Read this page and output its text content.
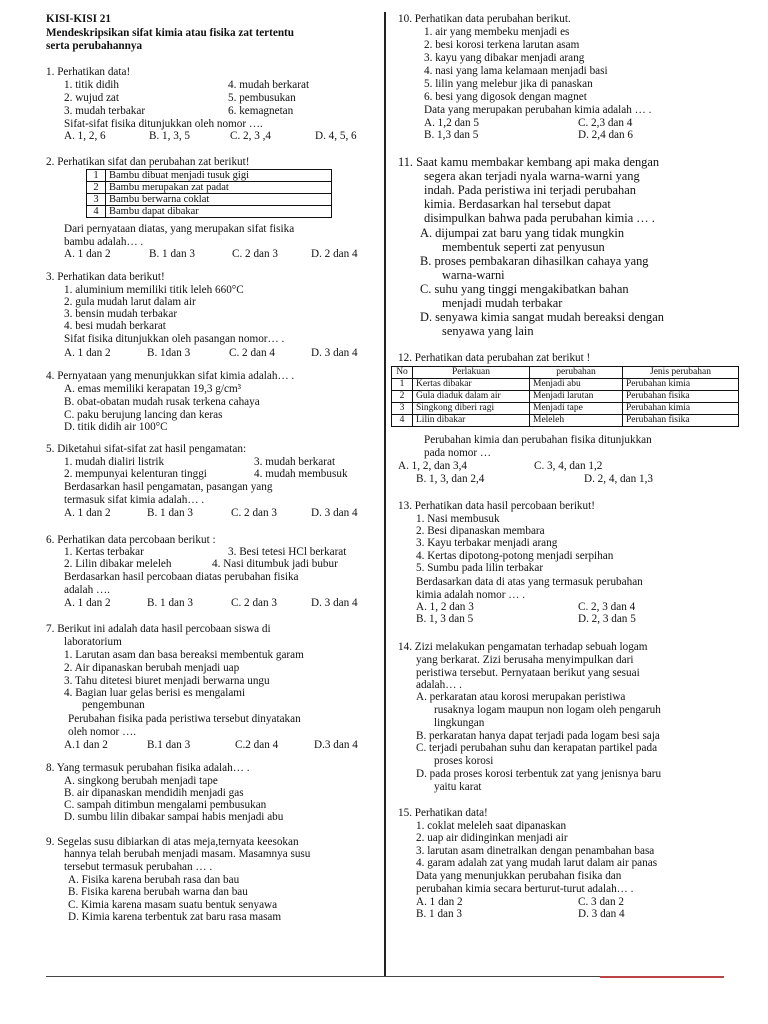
KISI-KISI 21
Mendeskripsikan sifat kimia atau fisika zat tertentu
serta perubahannya
1. Perhatikan data!
1. titik didih
2. wujud zat
3. mudah terbakar
4. mudah berkarat
5. pembusukan
6. kemagnetan
Sifat-sifat fisika ditunjukkan oleh nomor ….
A. 1, 2, 6	B. 1, 3, 5	C. 2, 3 ,4	D. 4, 5, 6
2. Perhatikan sifat dan perubahan zat berikut!
1	Bambu dibuat menjadi tusuk gigi
2	Bambu merupakan zat padat
3	Bambu berwarna coklat
4	Bambu dapat dibakar
Dari pernyataan diatas, yang merupakan sifat fisika
bambu adalah… .
A. 1 dan 2	B. 1 dan 3	C. 2 dan 3	D. 2 dan 4
3. Perhatikan data berikut!
1. aluminium memiliki titik leleh 660°C
2. gula mudah larut dalam air
3. bensin mudah terbakar
4. besi mudah berkarat
Sifat fisika ditunjukkan oleh pasangan nomor… .
A. 1 dan 2	B. 1dan 3	C. 2 dan 4	D. 3 dan 4
4. Pernyataan yang menunjukkan sifat kimia adalah… .
A. emas memiliki kerapatan 19,3 g/cm³
B. obat-obatan mudah rusak terkena cahaya
C. paku berujung lancing dan keras
D. titik didih air 100°C
5. Diketahui sifat-sifat zat hasil pengamatan:
1. mudah dialiri listrik
2. mempunyai kelenturan tinggi
3. mudah berkarat
4. mudah membusuk
Berdasarkan hasil pengamatan, pasangan yang
termasuk sifat kimia adalah… .
A. 1 dan 2	B. 1 dan 3	C. 2 dan 3	D. 3 dan 4
6. Perhatikan data percobaan berikut :
1. Kertas terbakar
2. Lilin dibakar meleleh
3. Besi tetesi HCl berkarat
4. Nasi ditumbuk jadi bubur
Berdasarkan hasil percobaan diatas perubahan fisika
adalah ….
A. 1 dan 2	B. 1 dan 3	C. 2 dan 3	D. 3 dan 4
7. Berikut ini adalah data hasil percobaan siswa di
laboratorium
1. Larutan asam dan basa bereaksi membentuk garam
2. Air dipanaskan berubah menjadi uap
3. Tahu ditetesi biuret menjadi berwarna ungu
4. Bagian luar gelas berisi es mengalami
pengembunan
Perubahan fisika pada peristiwa tersebut dinyatakan
oleh nomor ….
A.1 dan 2	B.1 dan 3	C.2 dan 4	D.3 dan 4
8. Yang termasuk perubahan fisika adalah… .
A. singkong berubah menjadi tape
B. air dipanaskan mendidih menjadi gas
C. sampah ditimbun mengalami pembusukan
D. sumbu lilin dibakar sampai habis menjadi abu
9. Segelas susu dibiarkan di atas meja,ternyata keesokan
hannya telah berubah menjadi masam. Masamnya susu
tersebut termasuk perubahan … .
A. Fisika karena berubah rasa dan bau
B. Fisika karena berubah warna dan bau
C. Kimia karena masam suatu bentuk senyawa
D. Kimia karena terbentuk zat baru rasa masam
10. Perhatikan data perubahan berikut.
1. air yang membeku menjadi es
2. besi korosi terkena larutan asam
3. kayu yang dibakar menjadi arang
4. nasi yang lama kelamaan menjadi basi
5. lilin yang melebur jika di panaskan
6. besi yang digosok dengan magnet
Data yang merupakan perubahan kimia adalah … .
A. 1,2 dan 5	C. 2,3 dan 4
B. 1,3 dan 5	D. 2,4 dan 6
11. Saat kamu membakar kembang api maka dengan
segera akan terjadi nyala warna-warni yang
indah. Pada peristiwa ini terjadi perubahan
kimia. Berdasarkan hal tersebut dapat
disimpulkan bahwa pada perubahan kimia … .
A. dijumpai zat baru yang tidak mungkin
membentuk seperti zat penyusun
B. proses pembakaran dihasilkan cahaya yang
warna-warni
C. suhu yang tinggi mengakibatkan bahan
menjadi mudah terbakar
D. senyawa kimia sangat mudah bereaksi dengan
senyawa yang lain
12. Perhatikan data perubahan zat berikut !
No	Perlakuan	perubahan	Jenis perubahan
1	Kertas dibakar	Menjadi abu	Perubahan kimia
2	Gula diaduk dalam air	Menjadi larutan	Perubahan fisika
3	Singkong diberi ragi	Menjadi tape	Perubahan kimia
4	Lilin dibakar	Meleleh	Perubahan fisika
Perubahan kimia dan perubahan fisika ditunjukkan
pada nomor …
A. 1, 2, dan 3,4	C. 3, 4, dan 1,2
B. 1, 3, dan 2,4	D. 2, 4, dan 1,3
13. Perhatikan data hasil percobaan berikut!
1. Nasi membusuk
2. Besi dipanaskan membara
3. Kayu terbakar menjadi arang
4. Kertas dipotong-potong menjadi serpihan
5. Sumbu pada lilin terbakar
Berdasarkan data di atas yang termasuk perubahan
kimia adalah nomor … .
A. 1, 2 dan 3	C. 2, 3 dan 4
B. 1, 3 dan 5	D. 2, 3 dan 5
14. Zizi melakukan pengamatan terhadap sebuah logam
yang berkarat. Zizi berusaha menyimpulkan dari
peristiwa tersebut. Pernyataan berikut yang sesuai
adalah… .
A. perkaratan atau korosi merupakan peristiwa
rusaknya logam maupun non logam oleh pengaruh
lingkungan
B. perkaratan hanya dapat terjadi pada logam besi saja
C. terjadi perubahan suhu dan kerapatan partikel pada
proses korosi
D. pada proses korosi terbentuk zat yang jenisnya baru
yaitu karat
15. Perhatikan data!
1. coklat meleleh saat dipanaskan
2. uap air didinginkan menjadi air
3. larutan asam dinetralkan dengan penambahan basa
4. garam adalah zat yang mudah larut dalam air panas
Data yang menunjukkan perubahan fisika dan
perubahan kimia secara berturut-turut adalah… .
A. 1 dan 2	C. 3 dan 2
B. 1 dan 3	D. 3 dan 4
